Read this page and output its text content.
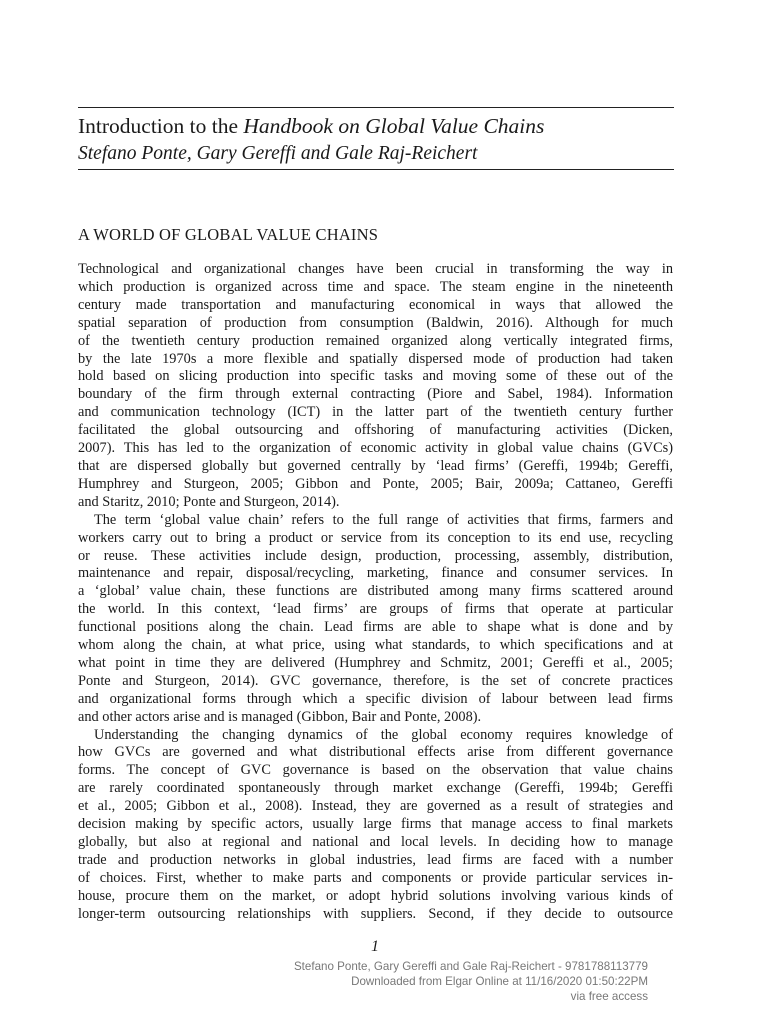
Introduction to the Handbook on Global Value Chains
Stefano Ponte, Gary Gereffi and Gale Raj-Reichert
A WORLD OF GLOBAL VALUE CHAINS
Technological and organizational changes have been crucial in transforming the way in
which production is organized across time and space. The steam engine in the nineteenth
century made transportation and manufacturing economical in ways that allowed the
spatial separation of production from consumption (Baldwin, 2016). Although for much
of the twentieth century production remained organized along vertically integrated firms,
by the late 1970s a more flexible and spatially dispersed mode of production had taken
hold based on slicing production into specific tasks and moving some of these out of the
boundary of the firm through external contracting (Piore and Sabel, 1984). Information
and communication technology (ICT) in the latter part of the twentieth century further
facilitated the global outsourcing and offshoring of manufacturing activities (Dicken,
2007). This has led to the organization of economic activity in global value chains (GVCs)
that are dispersed globally but governed centrally by ‘lead firms’ (Gereffi, 1994b; Gereffi,
Humphrey and Sturgeon, 2005; Gibbon and Ponte, 2005; Bair, 2009a; Cattaneo, Gereffi
and Staritz, 2010; Ponte and Sturgeon, 2014).
The term ‘global value chain’ refers to the full range of activities that firms, farmers and
workers carry out to bring a product or service from its conception to its end use, recycling
or reuse. These activities include design, production, processing, assembly, distribution,
maintenance and repair, disposal/recycling, marketing, finance and consumer services. In
a ‘global’ value chain, these functions are distributed among many firms scattered around
the world. In this context, ‘lead firms’ are groups of firms that operate at particular
functional positions along the chain. Lead firms are able to shape what is done and by
whom along the chain, at what price, using what standards, to which specifications and at
what point in time they are delivered (Humphrey and Schmitz, 2001; Gereffi et al., 2005;
Ponte and Sturgeon, 2014). GVC governance, therefore, is the set of concrete practices
and organizational forms through which a specific division of labour between lead firms
and other actors arise and is managed (Gibbon, Bair and Ponte, 2008).
Understanding the changing dynamics of the global economy requires knowledge of
how GVCs are governed and what distributional effects arise from different governance
forms. The concept of GVC governance is based on the observation that value chains
are rarely coordinated spontaneously through market exchange (Gereffi, 1994b; Gereffi
et al., 2005; Gibbon et al., 2008). Instead, they are governed as a result of strategies and
decision making by specific actors, usually large firms that manage access to final markets
globally, but also at regional and national and local levels. In deciding how to manage
trade and production networks in global industries, lead firms are faced with a number
of choices. First, whether to make parts and components or provide particular services in-
house, procure them on the market, or adopt hybrid solutions involving various kinds of
longer-term outsourcing relationships with suppliers. Second, if they decide to outsource
1
Stefano Ponte, Gary Gereffi and Gale Raj-Reichert - 9781788113779
Downloaded from Elgar Online at 11/16/2020 01:50:22PM
via free access
